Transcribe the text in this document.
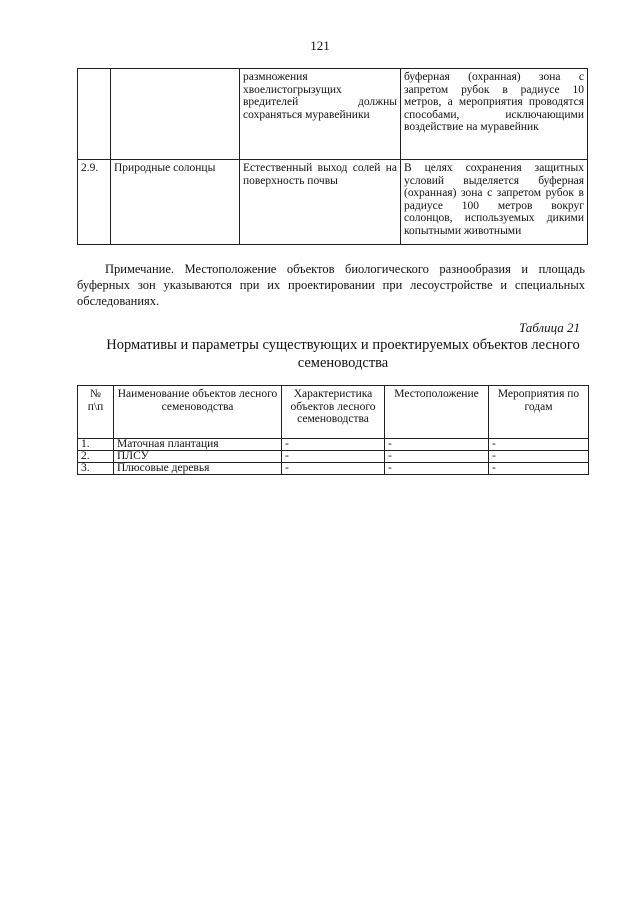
121
		размножения хвоелистогрызущих вредителей должны сохраняться муравейники	буферная (охранная) зона с запретом рубок в радиусе 10 метров, а мероприятия проводятся способами, исключающими воздействие на муравейник
2.9.	Природные солонцы	Естественный выход солей на поверхность почвы	В целях сохранения защитных условий выделяется буферная (охранная) зона с запретом рубок в радиусе 100 метров вокруг солонцов, используемых дикими копытными животными

Примечание. Местоположение объектов биологического разнообразия и площадь буферных зон указываются при их проектировании при лесоустройстве и специальных обследованиях.

Таблица 21
Нормативы и параметры существующих и проектируемых объектов лесного семеноводства
№ п\п	Наименование объектов лесного семеноводства	Характеристика объектов лесного семеноводства	Местоположение	Мероприятия по годам
1.	Маточная плантация	-	-	-
2.	ПЛСУ	-	-	-
3.	Плюсовые деревья	-	-	-
